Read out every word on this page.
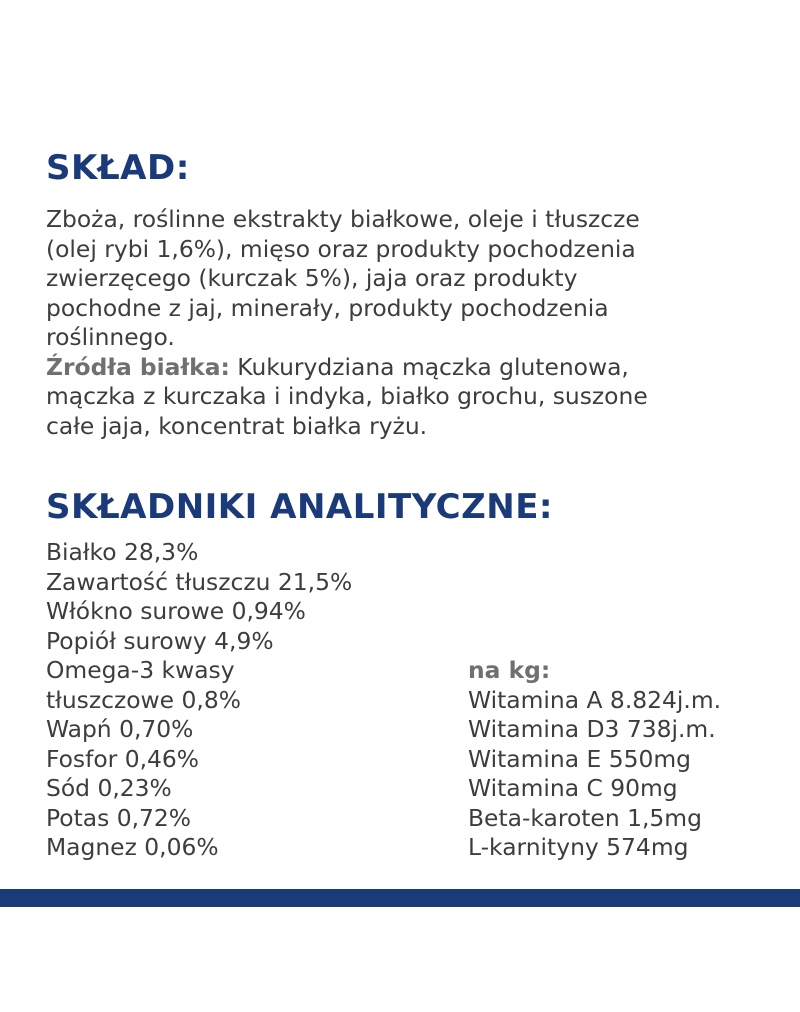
SKŁAD:
Zboża, roślinne ekstrakty białkowe, oleje i tłuszcze
(olej rybi 1,6%), mięso oraz produkty pochodzenia
zwierzęcego (kurczak 5%), jaja oraz produkty
pochodne z jaj, minerały, produkty pochodzenia
roślinnego.
Źródła białka: Kukurydziana mączka glutenowa,
mączka z kurczaka i indyka, białko grochu, suszone
całe jaja, koncentrat białka ryżu.
SKŁADNIKI ANALITYCZNE:
Białko 28,3%
Zawartość tłuszczu 21,5%
Włókno surowe 0,94%
Popiół surowy 4,9%
Omega-3 kwasy
tłuszczowe 0,8%
Wapń 0,70%
Fosfor 0,46%
Sód 0,23%
Potas 0,72%
Magnez 0,06%
na kg:
Witamina A 8.824j.m.
Witamina D3 738j.m.
Witamina E 550mg
Witamina C 90mg
Beta-karoten 1,5mg
L-karnityny 574mg
